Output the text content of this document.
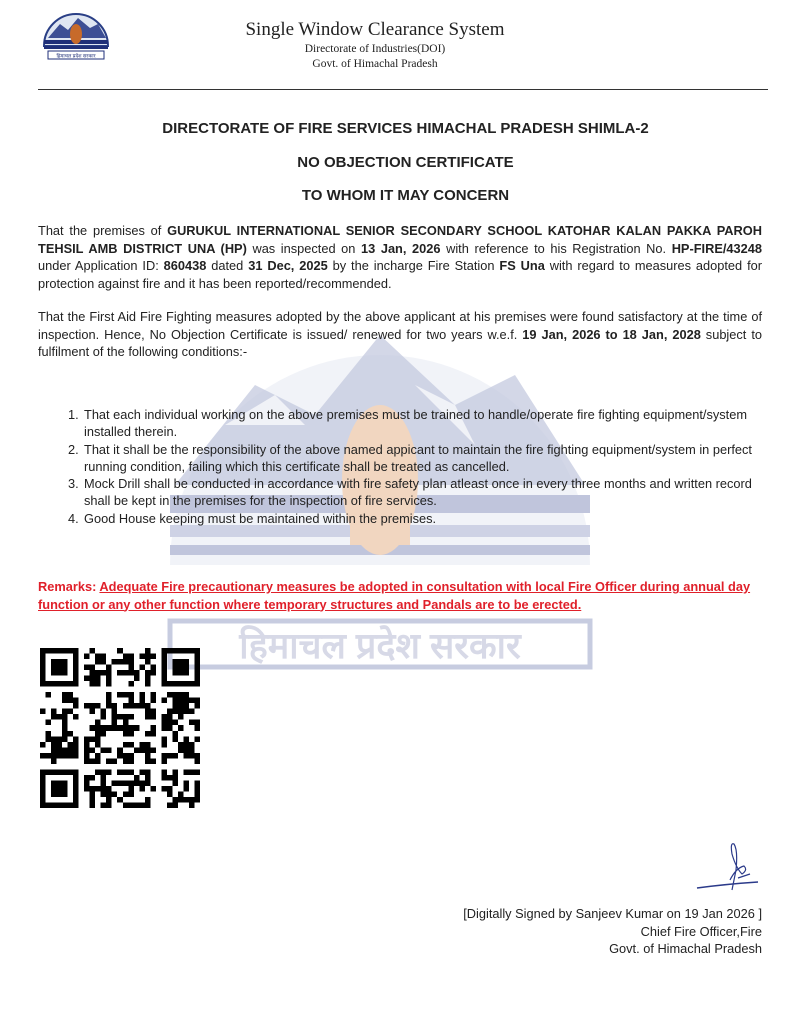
हिमाचल प्रदेश सरकार
Single Window Clearance System
Directorate of Industries(DOI)
Govt. of Himachal Pradesh
हिमाचल प्रदेश सरकार
DIRECTORATE OF FIRE SERVICES HIMACHAL PRADESH SHIMLA-2
NO OBJECTION CERTIFICATE
TO WHOM IT MAY CONCERN
That the premises of GURUKUL INTERNATIONAL SENIOR SECONDARY SCHOOL KATOHAR KALAN PAKKA PAROH TEHSIL AMB DISTRICT UNA (HP) was inspected on 13 Jan, 2026 with reference to his Registration No. HP-FIRE/43248 under Application ID: 860438 dated 31 Dec, 2025 by the incharge Fire Station FS Una with regard to measures adopted for protection against fire and it has been reported/recommended.
That the First Aid Fire Fighting measures adopted by the above applicant at his premises were found satisfactory at the time of inspection. Hence, No Objection Certificate is issued/ renewed for two years w.e.f. 19 Jan, 2026 to 18 Jan, 2028 subject to fulfilment of the following conditions:-
1. That each individual working on the above premises must be trained to handle/operate fire fighting equipment/system installed therein.
2. That it shall be the responsibility of the above named appicant to maintain the fire fighting equipment/system in perfect running condition, failing which this certificate shall be treated as cancelled.
3. Mock Drill shall be conducted in accordance with fire safety plan atleast once in every three months and written record shall be kept in the premises for the inspection of fire services.
4. Good House keeping must be maintained within the premises.
Remarks: Adequate Fire precautionary measures be adopted in consultation with local Fire Officer during annual day function or any other function where temporary structures and Pandals are to be erected.
[Digitally Signed by Sanjeev Kumar on 19 Jan 2026 ]
Chief Fire Officer,Fire
Govt. of Himachal Pradesh
